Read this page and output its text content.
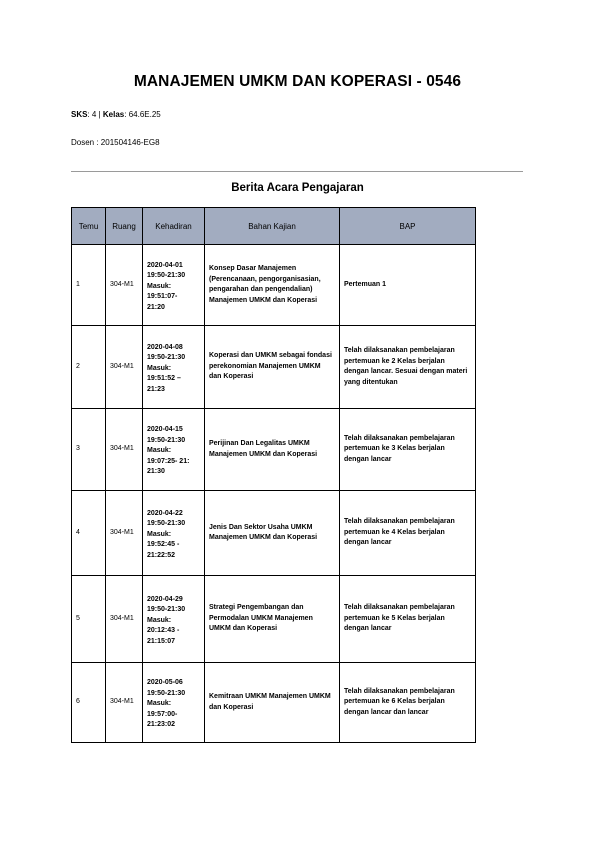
MANAJEMEN UMKM DAN KOPERASI - 0546
SKS: 4 | Kelas: 64.6E.25
Dosen : 201504146-EG8
Berita Acara Pengajaran
Temu	Ruang	Kehadiran	Bahan Kajian	BAP
1	304-M1	2020-04-01
19:50-21:30
Masuk:
19:51:07-
21:20	Konsep Dasar Manajemen (Perencanaan, pengorganisasian, pengarahan dan pengendalian) Manajemen UMKM dan Koperasi	Pertemuan 1
2	304-M1	2020-04-08
19:50-21:30
Masuk:
19:51:52 –
21:23	Koperasi dan UMKM sebagai fondasi perekonomian Manajemen UMKM dan Koperasi	Telah dilaksanakan pembelajaran pertemuan ke 2 Kelas berjalan dengan lancar. Sesuai dengan materi yang ditentukan
3	304-M1	2020-04-15
19:50-21:30
Masuk:
19:07:25- 21:
21:30	Perijinan Dan Legalitas UMKM Manajemen UMKM dan Koperasi	Telah dilaksanakan pembelajaran pertemuan ke 3 Kelas berjalan dengan lancar
4	304-M1	2020-04-22
19:50-21:30
Masuk:
19:52:45 -
21:22:52	Jenis Dan Sektor Usaha UMKM Manajemen UMKM dan Koperasi	Telah dilaksanakan pembelajaran pertemuan ke 4 Kelas berjalan dengan lancar
5	304-M1	2020-04-29
19:50-21:30
Masuk:
20:12:43 -
21:15:07	Strategi Pengembangan dan Permodalan UMKM Manajemen UMKM dan Koperasi	Telah dilaksanakan pembelajaran pertemuan ke 5 Kelas berjalan dengan lancar
6	304-M1	2020-05-06
19:50-21:30
Masuk:
19:57:00-
21:23:02	Kemitraan UMKM Manajemen UMKM dan Koperasi	Telah dilaksanakan pembelajaran pertemuan ke 6 Kelas berjalan dengan lancar dan lancar
